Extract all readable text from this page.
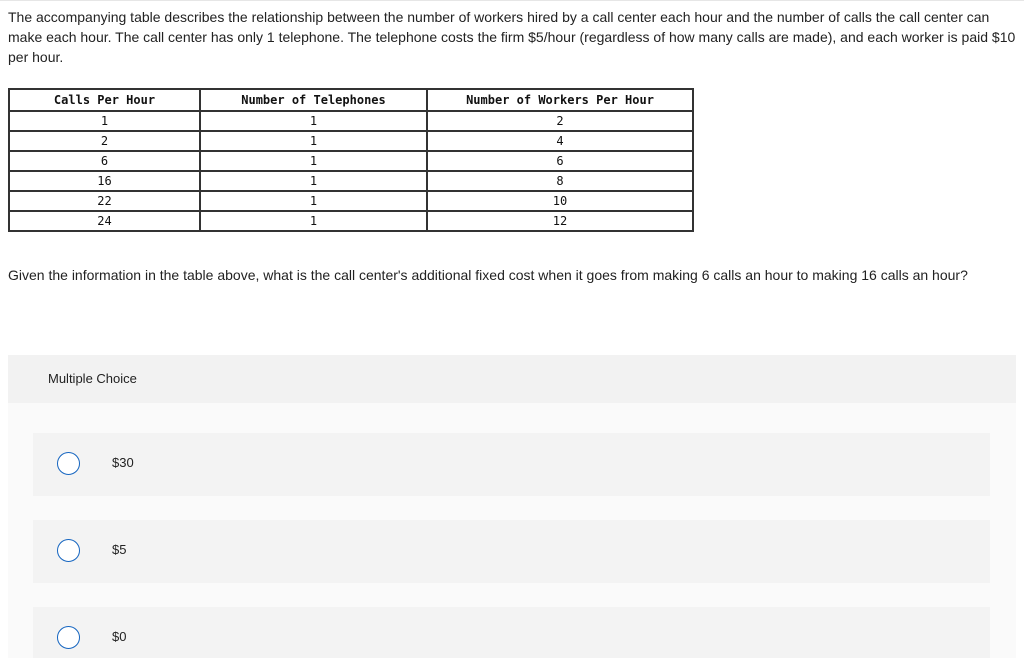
The accompanying table describes the relationship between the number of workers hired by a call center each hour and the number of calls the call center can make each hour. The call center has only 1 telephone. The telephone costs the firm $5/hour (regardless of how many calls are made), and each worker is paid $10 per hour.

Calls Per Hour	Number of Telephones	Number of Workers Per Hour
1	1	2
2	1	4
6	1	6
16	1	8
22	1	10
24	1	12

Given the information in the table above, what is the call center's additional fixed cost when it goes from making 6 calls an hour to making 16 calls an hour?

Multiple Choice
$30
$5
$0
